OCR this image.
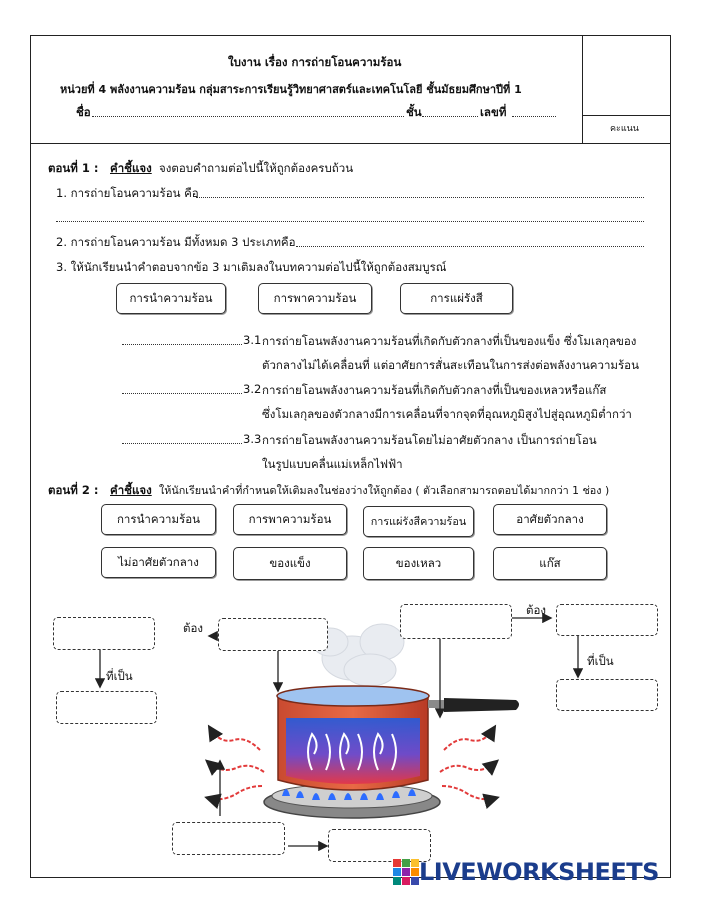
ใบงาน เรื่อง การถ่ายโอนความร้อน
หน่วยที่ 4 พลังงานความร้อน กลุ่มสาระการเรียนรู้วิทยาศาสตร์และเทคโนโลยี ชั้นมัธยมศึกษาปีที่ 1
ชื่อ	ชั้น	เลขที่
คะแนน
ตอนที่ 1 : คำชี้แจง จงตอบคำถามต่อไปนี้ให้ถูกต้องครบถ้วน
1. การถ่ายโอนความร้อน คือ
2. การถ่ายโอนความร้อน มีทั้งหมด 3 ประเภทคือ
3. ให้นักเรียนนำคำตอบจากข้อ 3 มาเติมลงในบทความต่อไปนี้ให้ถูกต้องสมบูรณ์
การนำความร้อน	การพาความร้อน	การแผ่รังสี
3.1 การถ่ายโอนพลังงานความร้อนที่เกิดกับตัวกลางที่เป็นของแข็ง ซึ่งโมเลกุลของ
ตัวกลางไม่ได้เคลื่อนที่ แต่อาศัยการสั่นสะเทือนในการส่งต่อพลังงานความร้อน
3.2 การถ่ายโอนพลังงานความร้อนที่เกิดกับตัวกลางที่เป็นของเหลวหรือแก๊ส
ซึ่งโมเลกุลของตัวกลางมีการเคลื่อนที่จากจุดที่อุณหภูมิสูงไปสู่อุณหภูมิต่ำกว่า
3.3 การถ่ายโอนพลังงานความร้อนโดยไม่อาศัยตัวกลาง เป็นการถ่ายโอน
ในรูปแบบคลื่นแม่เหล็กไฟฟ้า
ตอนที่ 2 : คำชี้แจง ให้นักเรียนนำคำที่กำหนดให้เติมลงในช่องว่างให้ถูกต้อง ( ตัวเลือกสามารถตอบได้มากกว่า 1 ช่อง )
การนำความร้อน	การพาความร้อน	การแผ่รังสีความร้อน	อาศัยตัวกลาง
ไม่อาศัยตัวกลาง	ของแข็ง	ของเหลว	แก๊ส
ต้อง
ต้อง
ที่เป็น
ที่เป็น
LIVEWORKSHEETS
